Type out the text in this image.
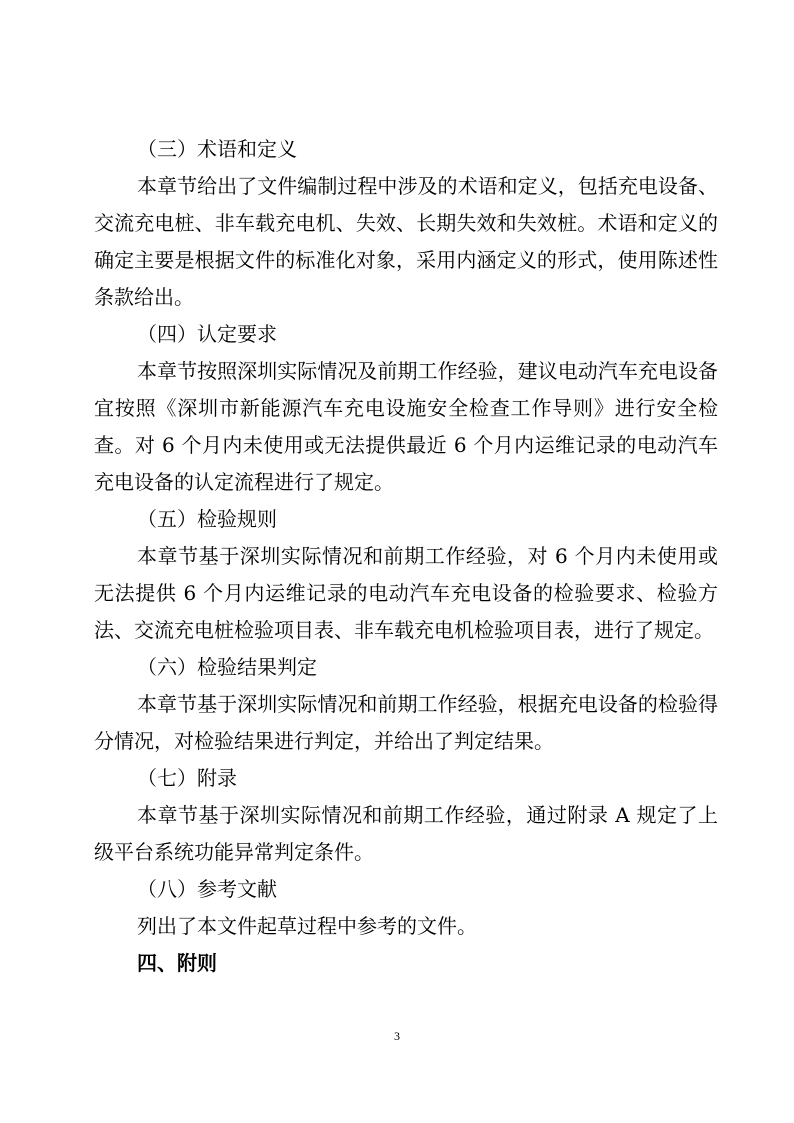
（三）术语和定义

本章节给出了文件编制过程中涉及的术语和定义，包括充电设备、交流充电桩、非车载充电机、失效、长期失效和失效桩。术语和定义的确定主要是根据文件的标准化对象，采用内涵定义的形式，使用陈述性条款给出。

（四）认定要求

本章节按照深圳实际情况及前期工作经验，建议电动汽车充电设备宜按照《深圳市新能源汽车充电设施安全检查工作导则》进行安全检查。对 6 个月内未使用或无法提供最近 6 个月内运维记录的电动汽车充电设备的认定流程进行了规定。

（五）检验规则

本章节基于深圳实际情况和前期工作经验，对 6 个月内未使用或无法提供 6 个月内运维记录的电动汽车充电设备的检验要求、检验方法、交流充电桩检验项目表、非车载充电机检验项目表，进行了规定。

（六）检验结果判定

本章节基于深圳实际情况和前期工作经验，根据充电设备的检验得分情况，对检验结果进行判定，并给出了判定结果。

（七）附录

本章节基于深圳实际情况和前期工作经验，通过附录 A 规定了上级平台系统功能异常判定条件。

（八）参考文献

列出了本文件起草过程中参考的文件。

四、附则

3
